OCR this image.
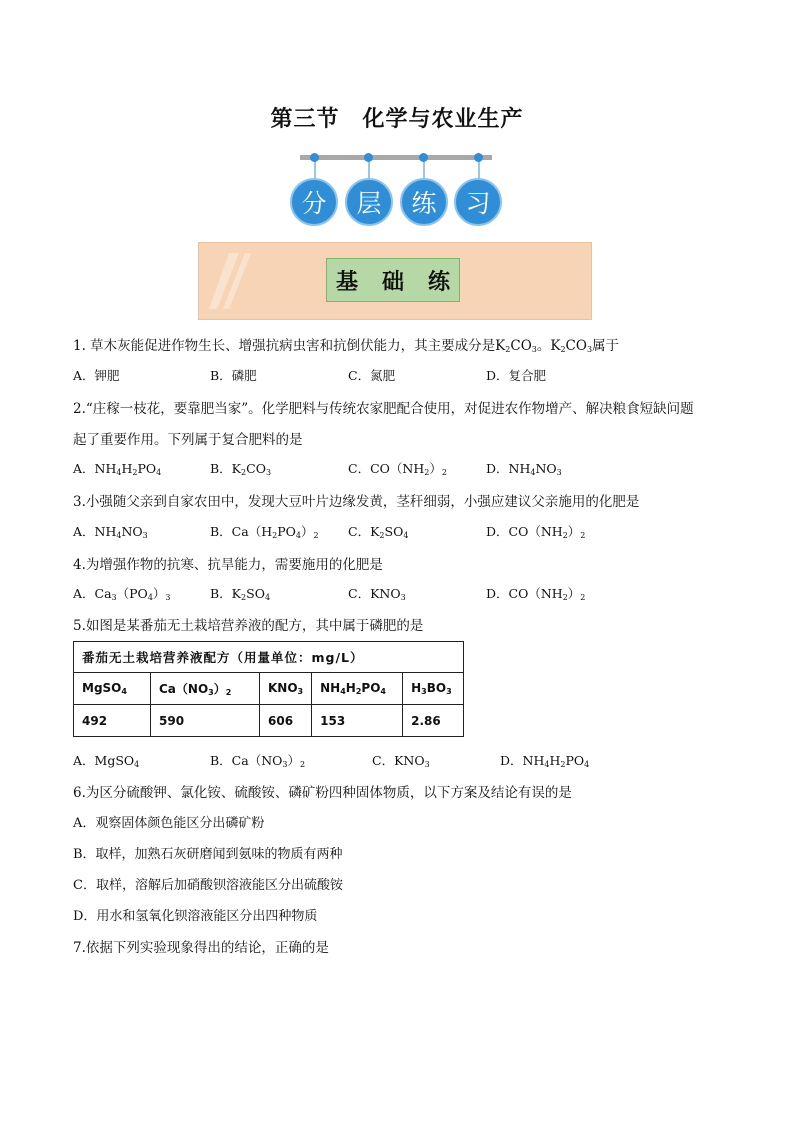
第三节　化学与农业生产
分	层	练	习
基 础 练
1. 草木灰能促进作物生长、增强抗病虫害和抗倒伏能力，其主要成分是$K_2CO_3$。$K_2CO_3$属于
A．钾肥	B．磷肥	C．氮肥	D．复合肥
2.“庄稼一枝花，要靠肥当家”。化学肥料与传统农家肥配合使用，对促进农作物增产、解决粮食短缺问题
起了重要作用。下列属于复合肥料的是
A．$NH_4H_2PO_4$	B．$K_2CO_3$	C．$CO(NH_2)_2$	D．$NH_4NO_3$
3.小强随父亲到自家农田中，发现大豆叶片边缘发黄，茎秆细弱，小强应建议父亲施用的化肥是
A．$NH_4NO_3$	B．$Ca(H_2PO_4)_2$ C．$K_2SO_4$	D．$CO(NH_2)_2$
4.为增强作物的抗寒、抗旱能力，需要施用的化肥是
A．$Ca_3(PO_4)_3$	B．$K_2SO_4$	C．$KNO_3$	D．$CO(NH_2)_2$
5.如图是某番茄无土栽培营养液的配方，其中属于磷肥的是
番茄无土栽培营养液配方（用量单位：mg/L）				
MgSO$_4$	$Ca(NO_3)_2$	$KNO_3$	$NH_4H_2PO_4$	$H_3BO_3$
492	590	606	153	2.86
A．MgSO$_4$	B．$Ca(NO_3)_2$	C．$KNO_3$	D．$NH_4H_2PO_4$
6.为区分硫酸钾、氯化铵、硫酸铵、磷矿粉四种固体物质，以下方案及结论有误的是
A．观察固体颜色能区分出磷矿粉
B．取样，加熟石灰研磨闻到氨味的物质有两种
C．取样，溶解后加硝酸钡溶液能区分出硫酸铵
D．用水和氢氧化钡溶液能区分出四种物质
7.依据下列实验现象得出的结论，正确的是
